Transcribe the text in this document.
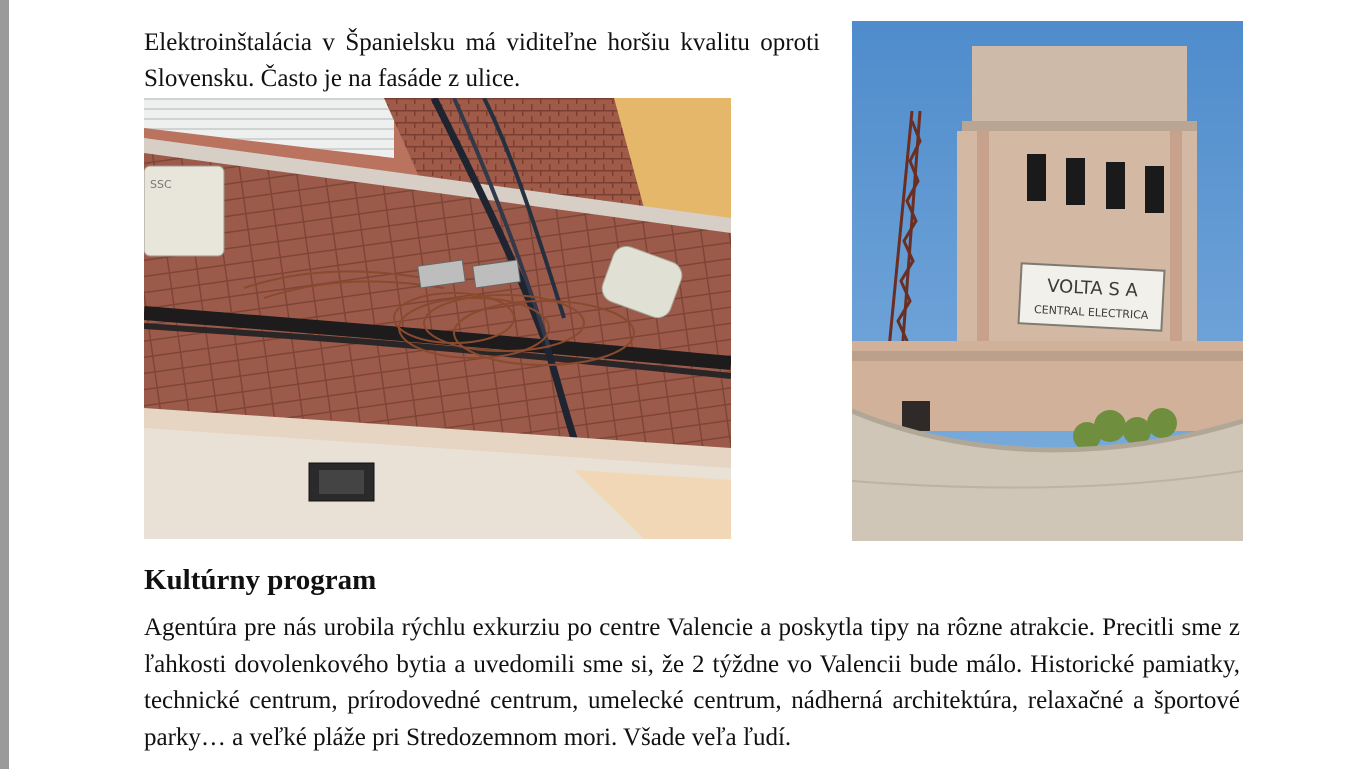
Elektroinštalácia v Španielsku má viditeľne horšiu kvalitu oproti Slovensku. Často je na fasáde z ulice.

SSC
VOLTA S A
CENTRAL ELECTRICA
Kultúrny program

Agentúra pre nás urobila rýchlu exkurziu po centre Valencie a poskytla tipy na rôzne atrakcie. Precitli sme z ľahkosti dovolenkového bytia a uvedomili sme si, že 2 týždne vo Valencii bude málo. Historické pamiatky, technické centrum, prírodovedné centrum, umelecké centrum, nádherná architektúra, relaxačné a športové parky… a veľké pláže pri Stredozemnom mori. Všade veľa ľudí.
